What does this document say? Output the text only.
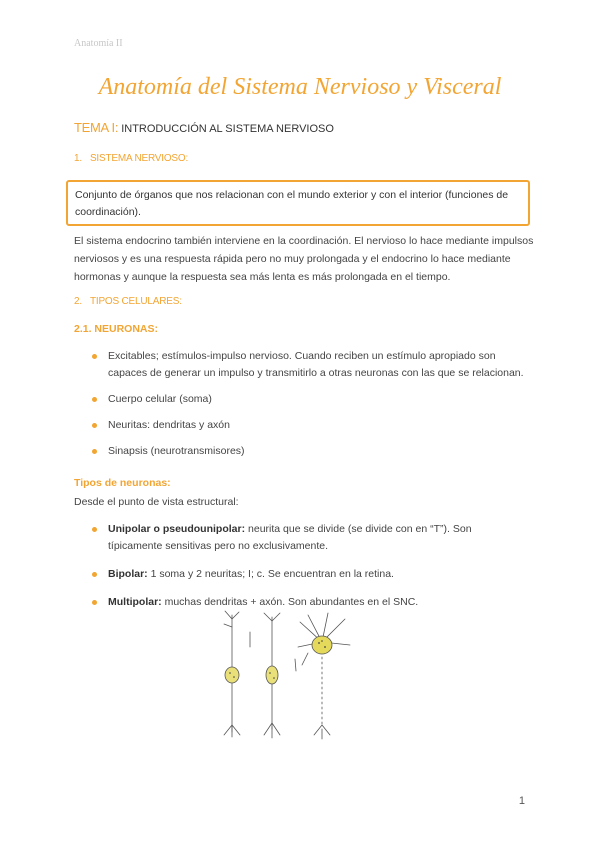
Anatomía II
Anatomía del Sistema Nervioso y Visceral
TEMA I: INTRODUCCIÓN AL SISTEMA NERVIOSO
1. SISTEMA NERVIOSO:
Conjunto de órganos que nos relacionan con el mundo exterior y con el interior (funciones de coordinación).
El sistema endocrino también interviene en la coordinación. El nervioso lo hace mediante impulsos nerviosos y es una respuesta rápida pero no muy prolongada y el endocrino lo hace mediante hormonas y aunque la respuesta sea más lenta es más prolongada en el tiempo.
2. TIPOS CELULARES:
2.1. NEURONAS:
Excitables; estímulos-impulso nervioso. Cuando reciben un estímulo apropiado son capaces de generar un impulso y transmitirlo a otras neuronas con las que se relacionan.
Cuerpo celular (soma)
Neuritas: dendritas y axón
Sinapsis (neurotransmisores)
Tipos de neuronas:
Desde el punto de vista estructural:
Unipolar o pseudounipolar: neurita que se divide (se divide con en “T”). Son típicamente sensitivas pero no exclusivamente.
Bipolar: 1 soma y 2 neuritas; I; c. Se encuentran en la retina.
Multipolar: muchas dendritas + axón. Son abundantes en el SNC.
1
